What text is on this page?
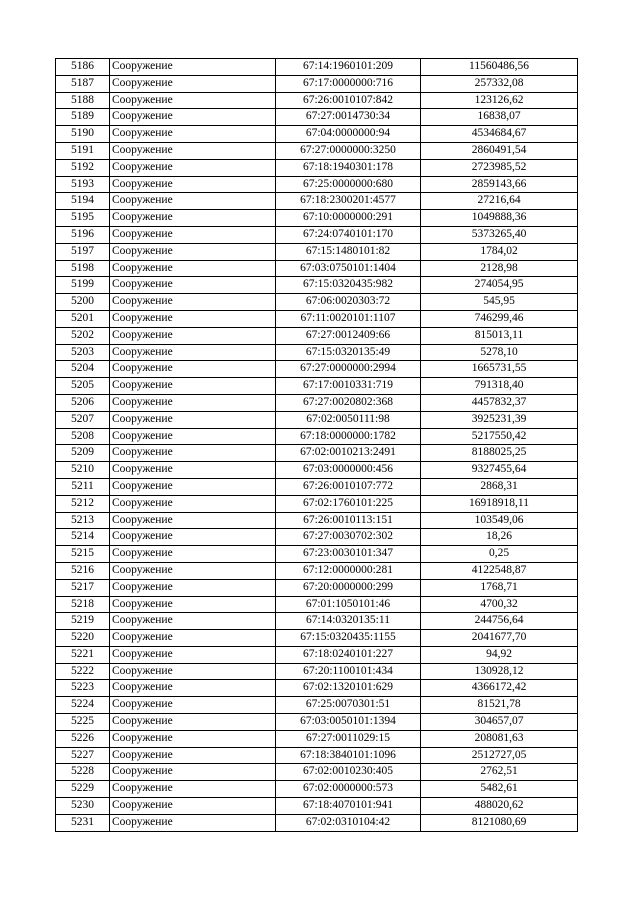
5186	Сооружение	67:14:1960101:209	11560486,56
5187	Сооружение	67:17:0000000:716	257332,08
5188	Сооружение	67:26:0010107:842	123126,62
5189	Сооружение	67:27:0014730:34	16838,07
5190	Сооружение	67:04:0000000:94	4534684,67
5191	Сооружение	67:27:0000000:3250	2860491,54
5192	Сооружение	67:18:1940301:178	2723985,52
5193	Сооружение	67:25:0000000:680	2859143,66
5194	Сооружение	67:18:2300201:4577	27216,64
5195	Сооружение	67:10:0000000:291	1049888,36
5196	Сооружение	67:24:0740101:170	5373265,40
5197	Сооружение	67:15:1480101:82	1784,02
5198	Сооружение	67:03:0750101:1404	2128,98
5199	Сооружение	67:15:0320435:982	274054,95
5200	Сооружение	67:06:0020303:72	545,95
5201	Сооружение	67:11:0020101:1107	746299,46
5202	Сооружение	67:27:0012409:66	815013,11
5203	Сооружение	67:15:0320135:49	5278,10
5204	Сооружение	67:27:0000000:2994	1665731,55
5205	Сооружение	67:17:0010331:719	791318,40
5206	Сооружение	67:27:0020802:368	4457832,37
5207	Сооружение	67:02:0050111:98	3925231,39
5208	Сооружение	67:18:0000000:1782	5217550,42
5209	Сооружение	67:02:0010213:2491	8188025,25
5210	Сооружение	67:03:0000000:456	9327455,64
5211	Сооружение	67:26:0010107:772	2868,31
5212	Сооружение	67:02:1760101:225	16918918,11
5213	Сооружение	67:26:0010113:151	103549,06
5214	Сооружение	67:27:0030702:302	18,26
5215	Сооружение	67:23:0030101:347	0,25
5216	Сооружение	67:12:0000000:281	4122548,87
5217	Сооружение	67:20:0000000:299	1768,71
5218	Сооружение	67:01:1050101:46	4700,32
5219	Сооружение	67:14:0320135:11	244756,64
5220	Сооружение	67:15:0320435:1155	2041677,70
5221	Сооружение	67:18:0240101:227	94,92
5222	Сооружение	67:20:1100101:434	130928,12
5223	Сооружение	67:02:1320101:629	4366172,42
5224	Сооружение	67:25:0070301:51	81521,78
5225	Сооружение	67:03:0050101:1394	304657,07
5226	Сооружение	67:27:0011029:15	208081,63
5227	Сооружение	67:18:3840101:1096	2512727,05
5228	Сооружение	67:02:0010230:405	2762,51
5229	Сооружение	67:02:0000000:573	5482,61
5230	Сооружение	67:18:4070101:941	488020,62
5231	Сооружение	67:02:0310104:42	8121080,69
